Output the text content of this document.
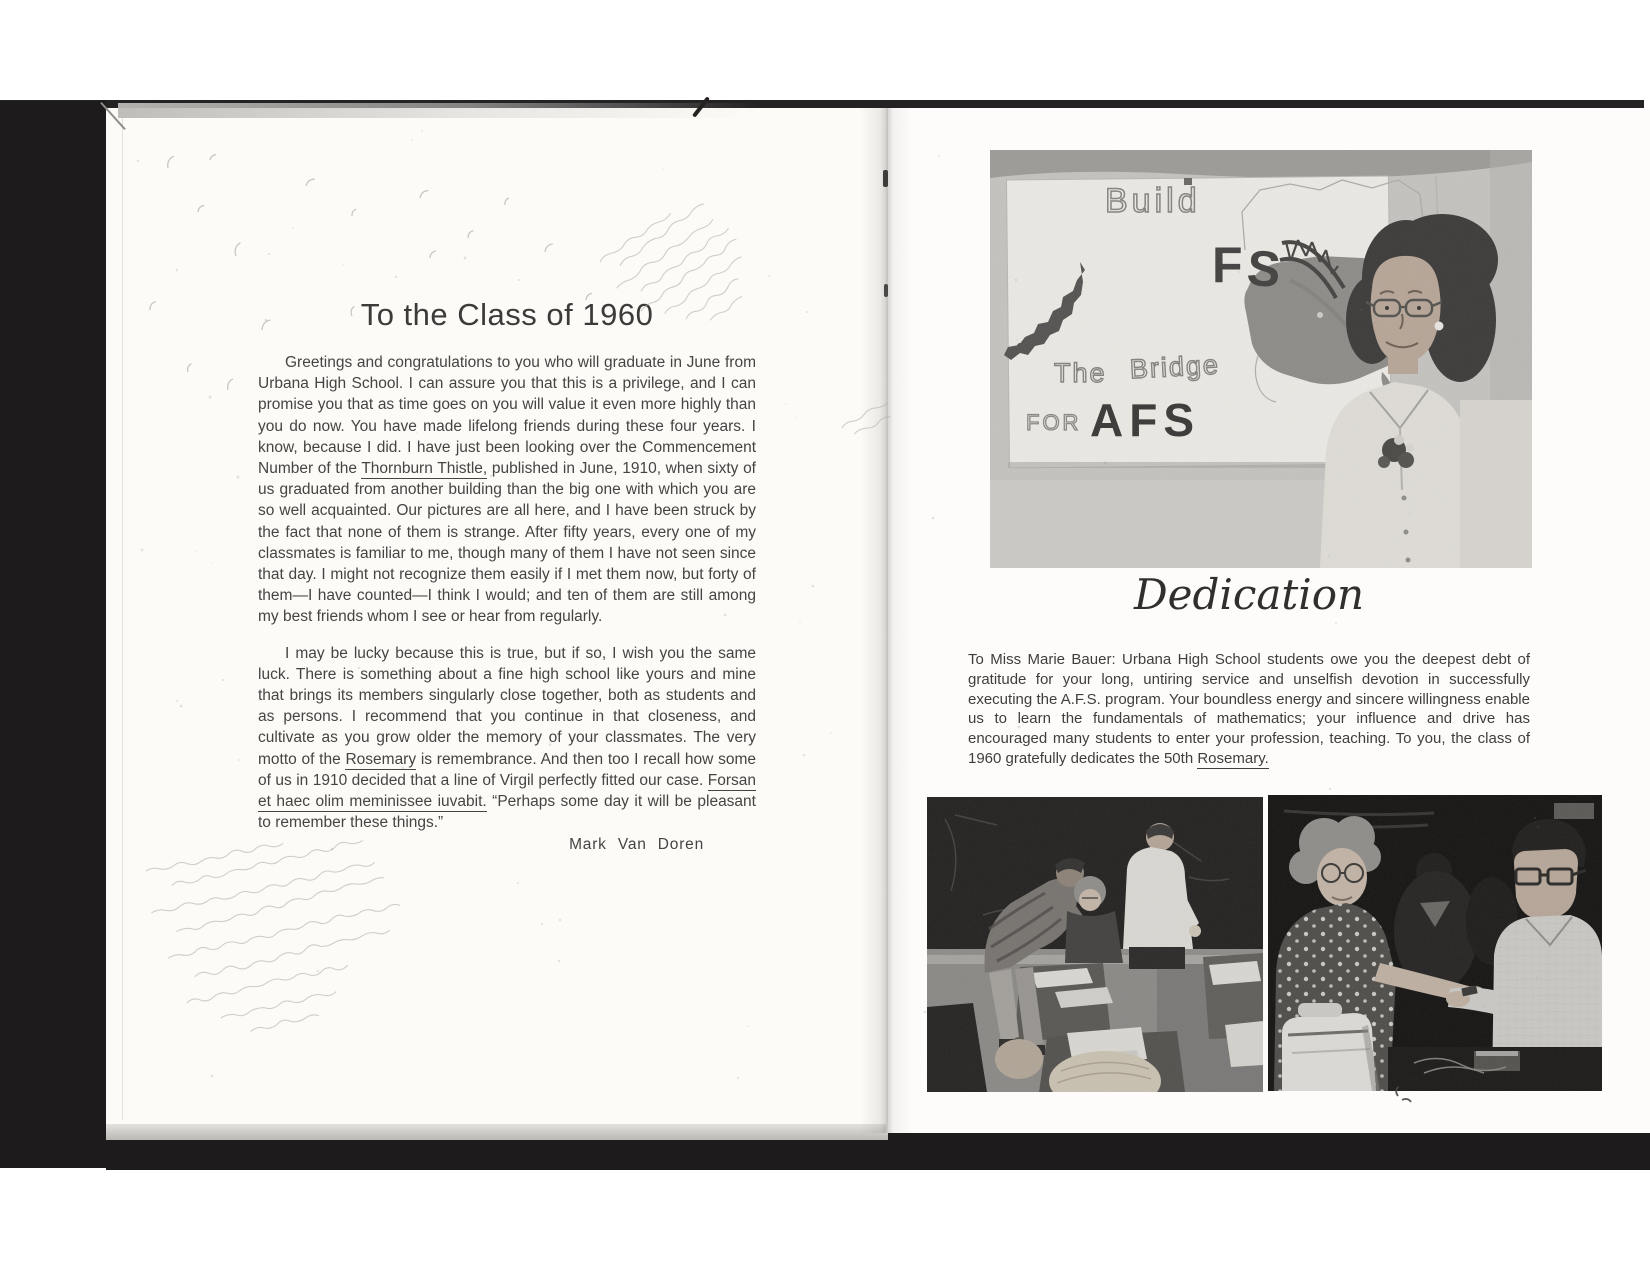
To the Class of 1960

Greetings and congratulations to you who will graduate in June from Urbana High School. I can assure you that this is a privilege, and I can promise you that as time goes on you will value it even more highly than you do now. You have made lifelong friends during these four years. I know, because I did. I have just been looking over the Commencement Number of the Thornburn Thistle, published in June, 1910, when sixty of us graduated from another building than the big one with which you are so well acquainted. Our pictures are all here, and I have been struck by the fact that none of them is strange. After fifty years, every one of my classmates is familiar to me, though many of them I have not seen since that day. I might not recognize them easily if I met them now, but forty of them—I have counted—I think I would; and ten of them are still among my best friends whom I see or hear from regularly.

I may be lucky because this is true, but if so, I wish you the same luck. There is something about a fine high school like yours and mine that brings its members singularly close together, both as students and as persons. I recommend that you continue in that closeness, and cultivate as you grow older the memory of your classmates. The very motto of the Rosemary is remembrance. And then too I recall how some of us in 1910 decided that a line of Virgil perfectly fitted our case. Forsan et haec olim meminissee iuvabit. “Perhaps some day it will be pleasant to remember these things.”

Mark Van Doren
Dedication
To Miss Marie Bauer: Urbana High School students owe you the deepest debt of gratitude for your long, untiring service and unselfish devotion in successfully executing the A.F.S. program. Your boundless energy and sincere willingness enable us to learn the fundamentals of mathematics; your influence and drive has encouraged many students to enter your profession, teaching. To you, the class of 1960 gratefully dedicates the 50th Rosemary.
Build
The Bridge
FOR AFS
F S
